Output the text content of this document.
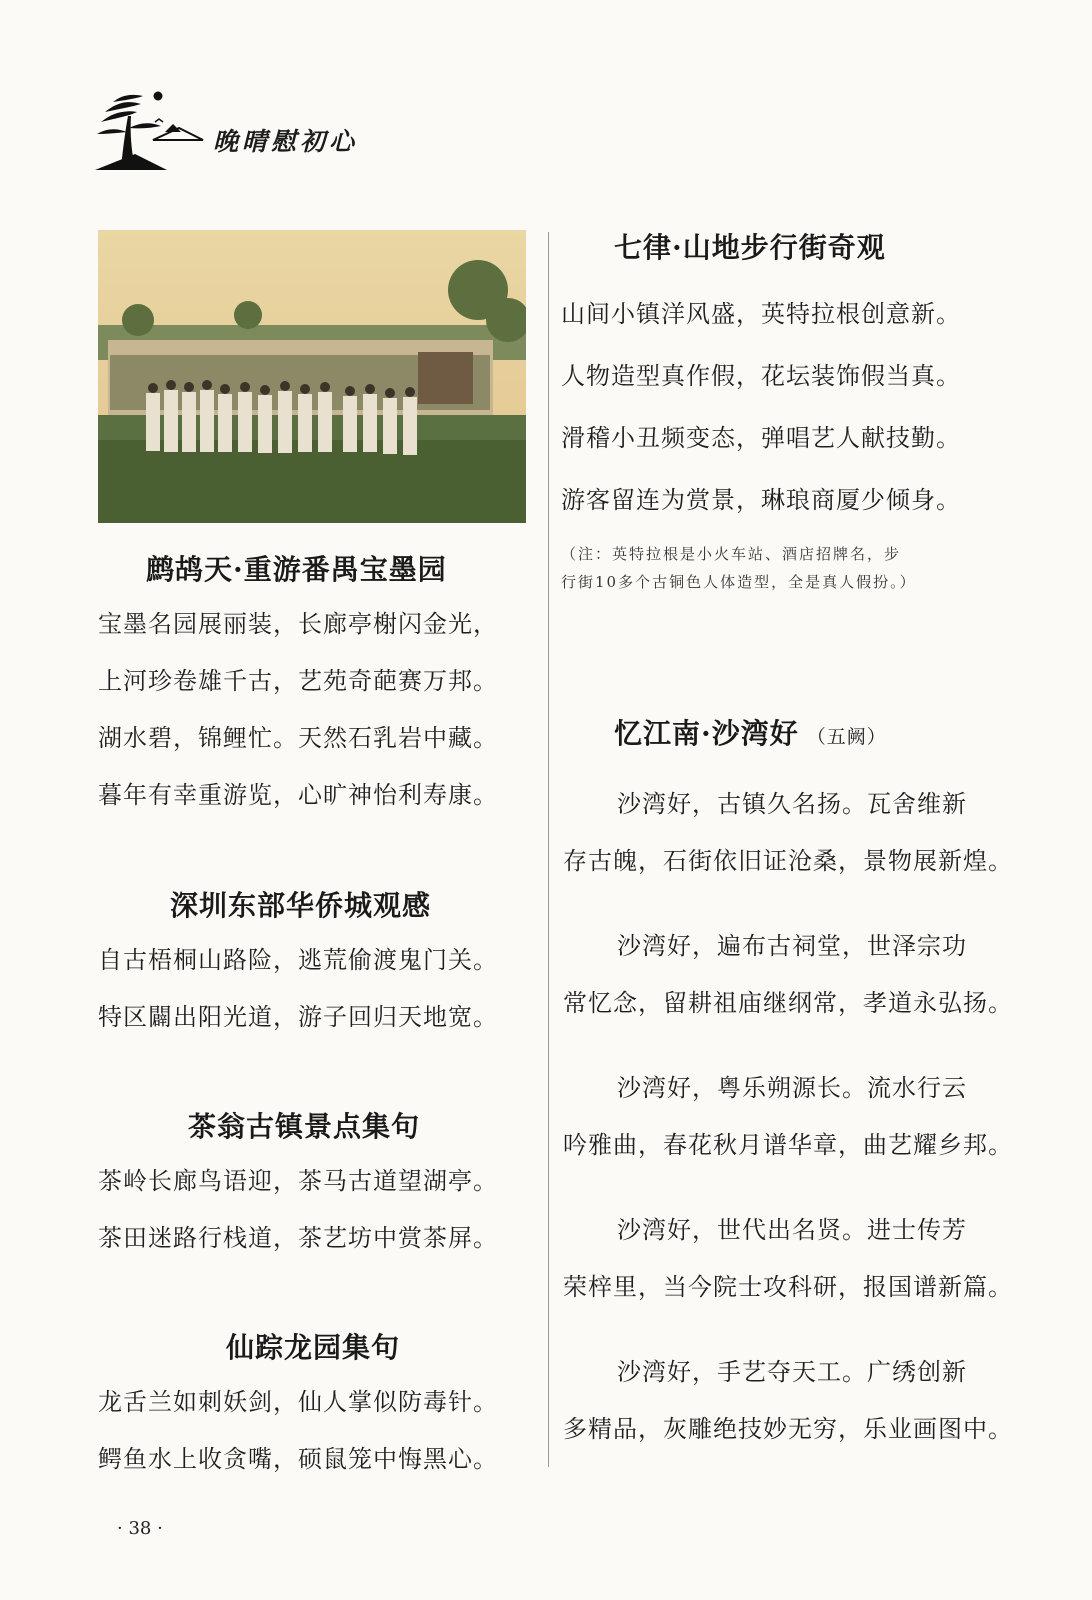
晚晴慰初心
鹧鸪天·重游番禺宝墨园
宝墨名园展丽装，长廊亭榭闪金光，
上河珍卷雄千古，艺苑奇葩赛万邦。
湖水碧，锦鲤忙。天然石乳岩中藏。
暮年有幸重游览，心旷神怡利寿康。
深圳东部华侨城观感
自古梧桐山路险，逃荒偷渡鬼门关。
特区闢出阳光道，游子回归天地宽。
茶翁古镇景点集句
茶岭长廊鸟语迎，茶马古道望湖亭。
茶田迷路行栈道，茶艺坊中赏茶屏。
仙踪龙园集句
龙舌兰如刺妖剑，仙人掌似防毒针。
鳄鱼水上收贪嘴，硕鼠笼中悔黑心。
七律·山地步行街奇观
山间小镇洋风盛，英特拉根创意新。
人物造型真作假，花坛装饰假当真。
滑稽小丑频变态，弹唱艺人献技勤。
游客留连为赏景，琳琅商厦少倾身。
（注：英特拉根是小火车站、酒店招牌名，步
行街10多个古铜色人体造型，全是真人假扮。）
忆江南·沙湾好 （五阙）
沙湾好，古镇久名扬。瓦舍维新
存古魄，石街依旧证沧桑，景物展新煌。
沙湾好，遍布古祠堂，世泽宗功
常忆念，留耕祖庙继纲常，孝道永弘扬。
沙湾好，粤乐朔源长。流水行云
吟雅曲，春花秋月谱华章，曲艺耀乡邦。
沙湾好，世代出名贤。进士传芳
荣梓里，当今院士攻科研，报国谱新篇。
沙湾好，手艺夺天工。广绣创新
多精品，灰雕绝技妙无穷，乐业画图中。
· 38 ·
